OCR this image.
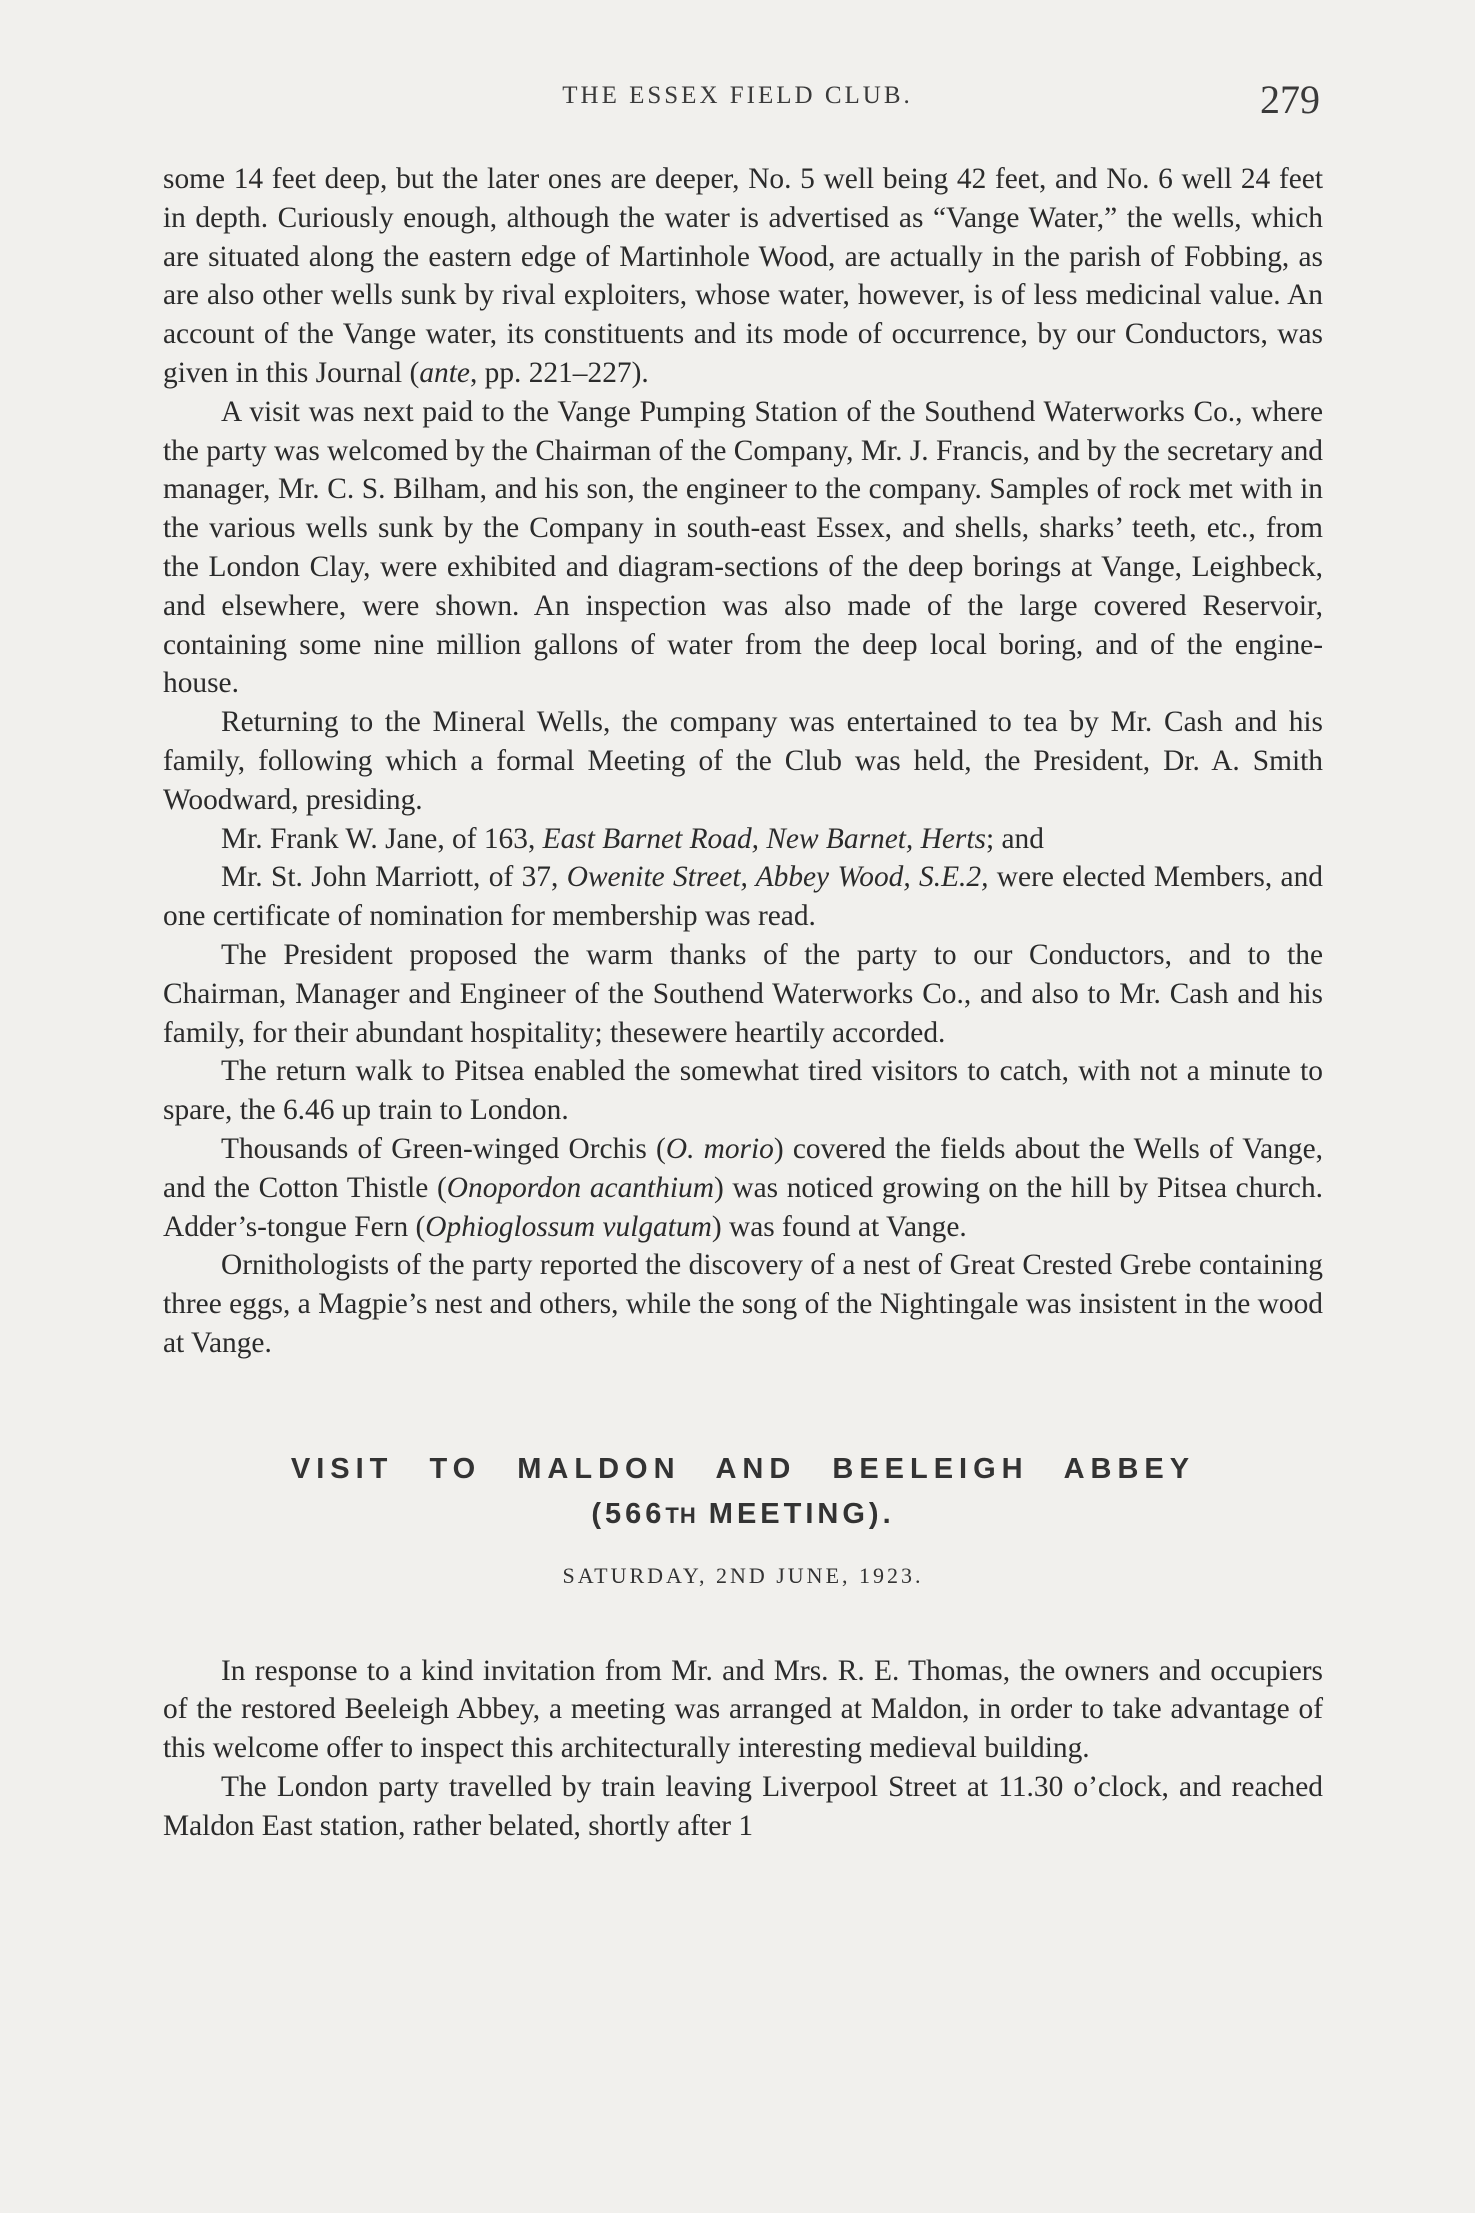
THE ESSEX FIELD CLUB.	279

some 14 feet deep, but the later ones are deeper, No. 5 well being 42 feet, and No. 6 well 24 feet in depth. Curiously enough, although the water is advertised as “Vange Water,” the wells, which are situated along the eastern edge of Martinhole Wood, are actually in the parish of Fobbing, as are also other wells sunk by rival exploiters, whose water, however, is of less medicinal value. An account of the Vange water, its constituents and its mode of occurrence, by our Conductors, was given in this Journal (ante, pp. 221–227).

A visit was next paid to the Vange Pumping Station of the Southend Waterworks Co., where the party was welcomed by the Chairman of the Company, Mr. J. Francis, and by the secretary and manager, Mr. C. S. Bilham, and his son, the engineer to the company. Samples of rock met with in the various wells sunk by the Company in south-east Essex, and shells, sharks’ teeth, etc., from the London Clay, were exhibited and diagram-sections of the deep borings at Vange, Leighbeck, and elsewhere, were shown. An inspection was also made of the large covered Reservoir, containing some nine million gallons of water from the deep local boring, and of the engine-house.

Returning to the Mineral Wells, the company was entertained to tea by Mr. Cash and his family, following which a formal Meeting of the Club was held, the President, Dr. A. Smith Woodward, presiding.

Mr. Frank W. Jane, of 163, East Barnet Road, New Barnet, Herts; and

Mr. St. John Marriott, of 37, Owenite Street, Abbey Wood, S.E.2, were elected Members, and one certificate of nomination for membership was read.

The President proposed the warm thanks of the party to our Conductors, and to the Chairman, Manager and Engineer of the Southend Waterworks Co., and also to Mr. Cash and his family, for their abundant hospitality; thesewere heartily accorded.

The return walk to Pitsea enabled the somewhat tired visitors to catch, with not a minute to spare, the 6.46 up train to London.

Thousands of Green-winged Orchis (O. morio) covered the fields about the Wells of Vange, and the Cotton Thistle (Onopordon acanthium) was noticed growing on the hill by Pitsea church. Adder’s-tongue Fern (Ophioglossum vulgatum) was found at Vange.

Ornithologists of the party reported the discovery of a nest of Great Crested Grebe containing three eggs, a Magpie’s nest and others, while the song of the Nightingale was insistent in the wood at Vange.

VISIT TO MALDON AND BEELEIGH ABBEY
(566TH MEETING).
SATURDAY, 2ND JUNE, 1923.

In response to a kind invitation from Mr. and Mrs. R. E. Thomas, the owners and occupiers of the restored Beeleigh Abbey, a meeting was arranged at Maldon, in order to take advantage of this welcome offer to inspect this architecturally interesting medieval building.

The London party travelled by train leaving Liverpool Street at 11.30 o’clock, and reached Maldon East station, rather belated, shortly after 1
